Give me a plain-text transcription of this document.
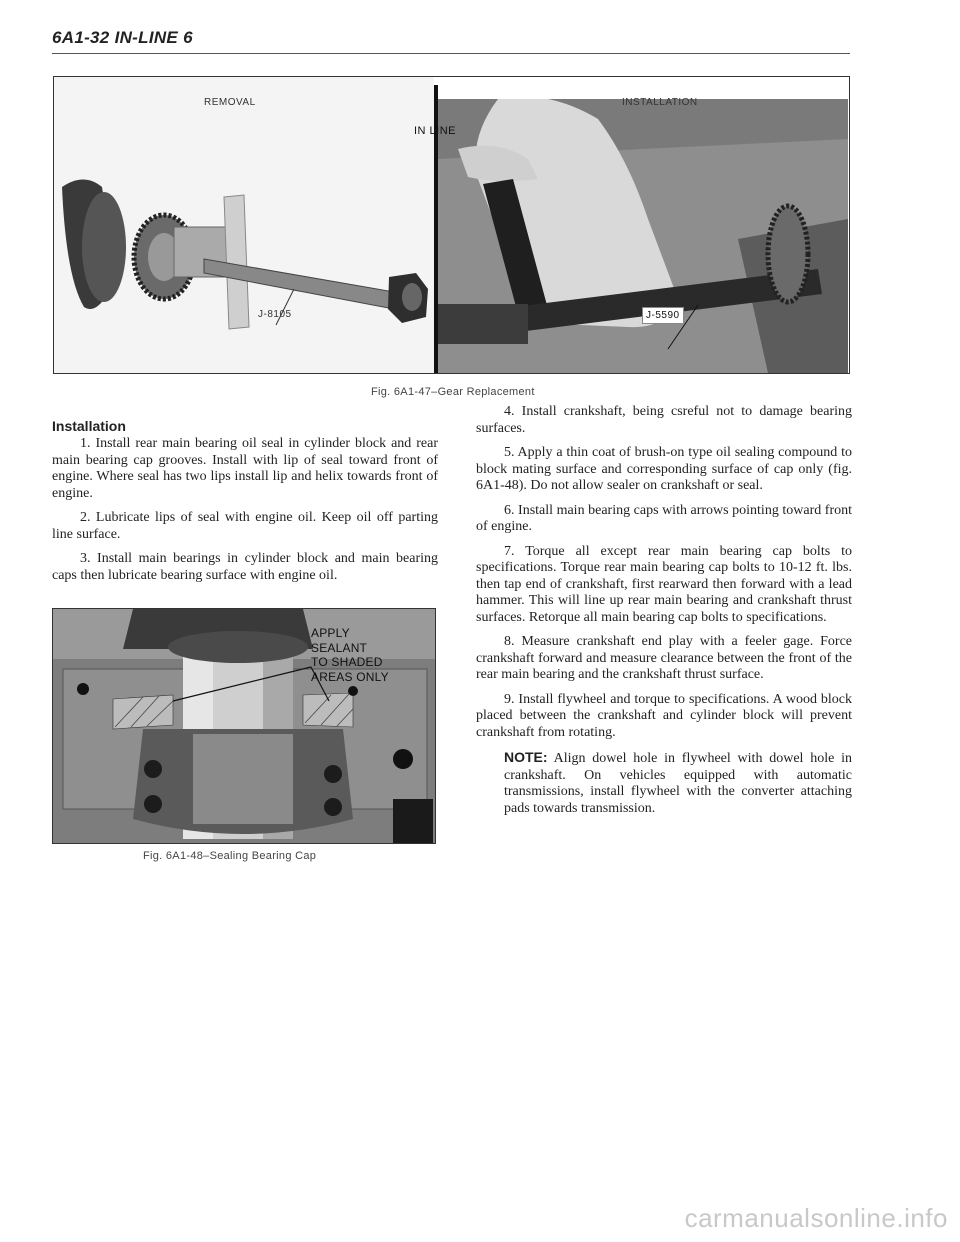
6A1-32 IN-LINE 6
REMOVAL	INSTALLATION
IN LINE
J-8105	J-5590
Fig. 6A1-47–Gear Replacement
Installation

1. Install rear main bearing oil seal in cylinder block and rear main bearing cap grooves. Install with lip of seal toward front of engine. Where seal has two lips install lip and helix towards front of engine.

2. Lubricate lips of seal with engine oil. Keep oil off parting line surface.

3. Install main bearings in cylinder block and main bearing caps then lubricate bearing surface with engine oil.

APPLY
SEALANT
TO SHADED
AREAS ONLY
Fig. 6A1-48–Sealing Bearing Cap

4. Install crankshaft, being csreful not to damage bearing surfaces.

5. Apply a thin coat of brush-on type oil sealing compound to block mating surface and corresponding surface of cap only (fig. 6A1-48). Do not allow sealer on crankshaft or seal.

6. Install main bearing caps with arrows pointing toward front of engine.

7. Torque all except rear main bearing cap bolts to specifications. Torque rear main bearing cap bolts to 10-12 ft. lbs. then tap end of crankshaft, first rearward then forward with a lead hammer. This will line up rear main bearing and crankshaft thrust surfaces. Retorque all main bearing cap bolts to specifications.

8. Measure crankshaft end play with a feeler gage. Force crankshaft forward and measure clearance between the front of the rear main bearing and the crankshaft thrust surface.

9. Install flywheel and torque to specifications. A wood block placed between the crankshaft and cylinder block will prevent crankshaft from rotating.

NOTE: Align dowel hole in flywheel with dowel hole in crankshaft. On vehicles equipped with automatic transmissions, install flywheel with the converter attaching pads towards transmission.

carmanualsonline.info
